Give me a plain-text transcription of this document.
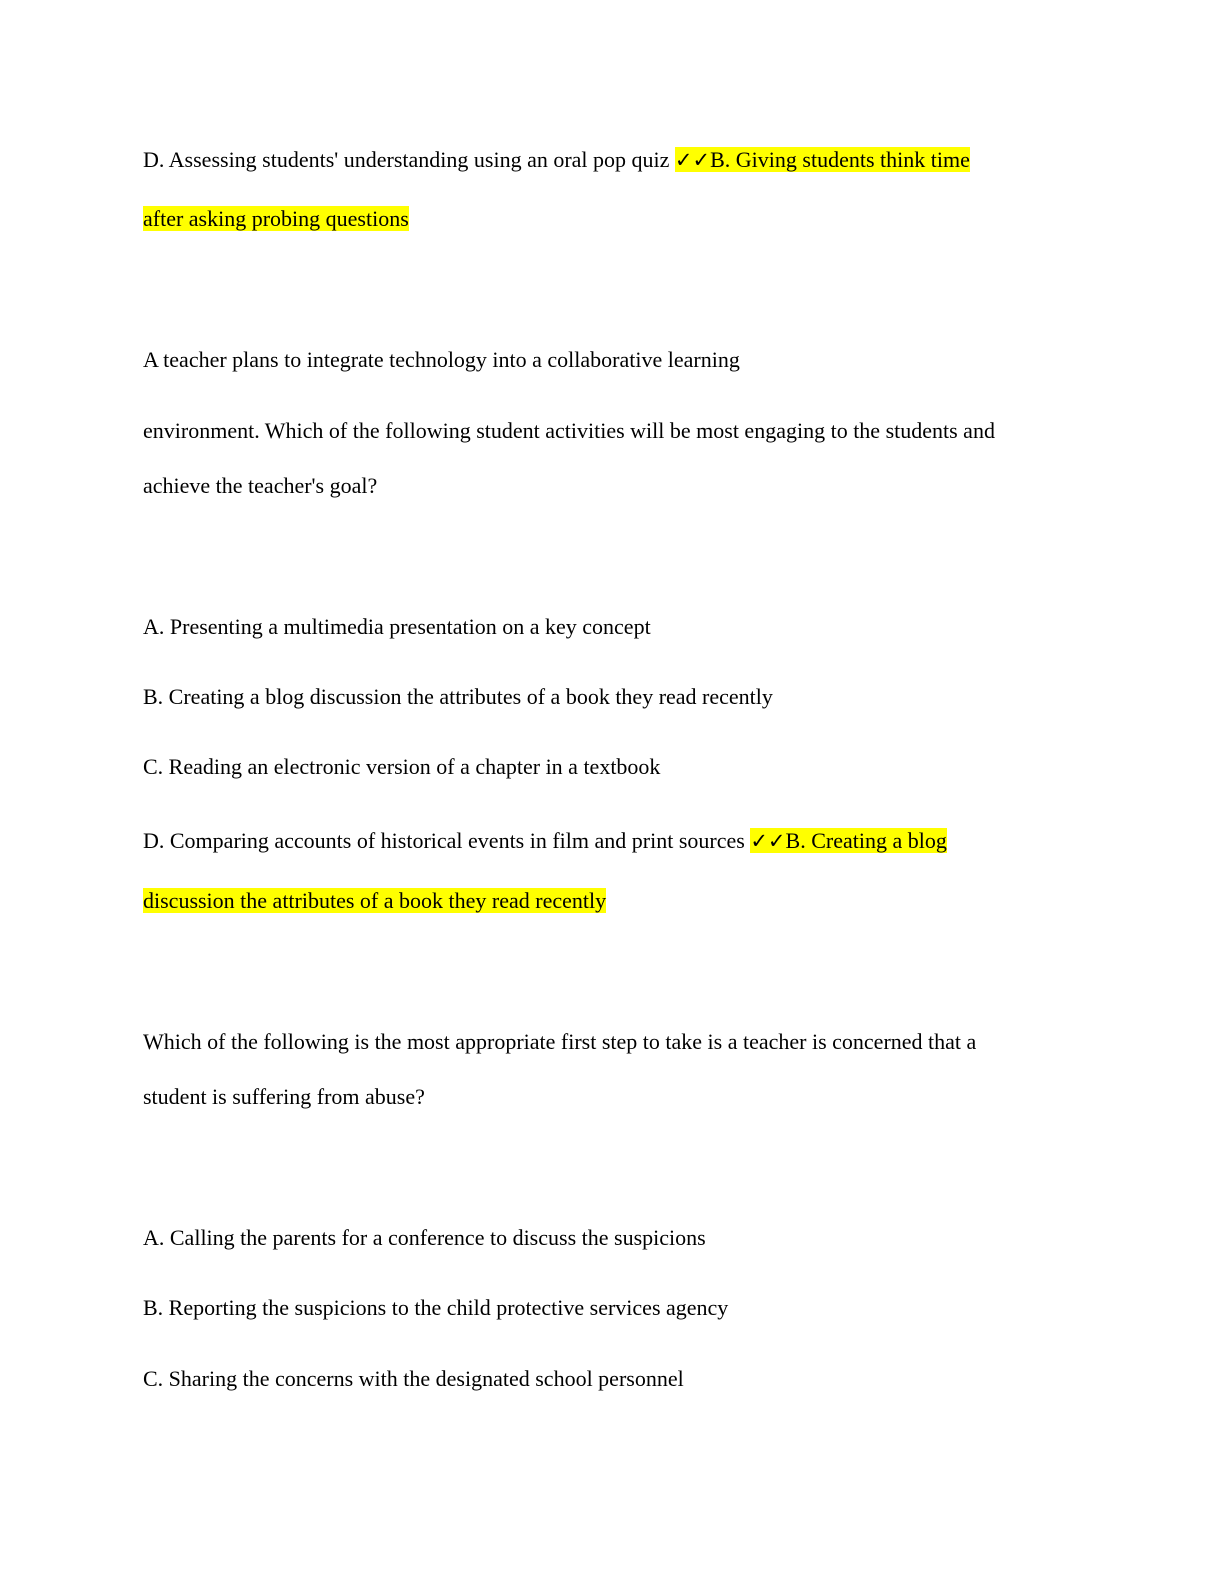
D. Assessing students' understanding using an oral pop quiz ✓✓B. Giving students think time
after asking probing questions
A teacher plans to integrate technology into a collaborative learning
environment. Which of the following student activities will be most engaging to the students and
achieve the teacher's goal?
A. Presenting a multimedia presentation on a key concept
B. Creating a blog discussion the attributes of a book they read recently
C. Reading an electronic version of a chapter in a textbook
D. Comparing accounts of historical events in film and print sources ✓✓B. Creating a blog
discussion the attributes of a book they read recently
Which of the following is the most appropriate first step to take is a teacher is concerned that a
student is suffering from abuse?
A. Calling the parents for a conference to discuss the suspicions
B. Reporting the suspicions to the child protective services agency
C. Sharing the concerns with the designated school personnel
